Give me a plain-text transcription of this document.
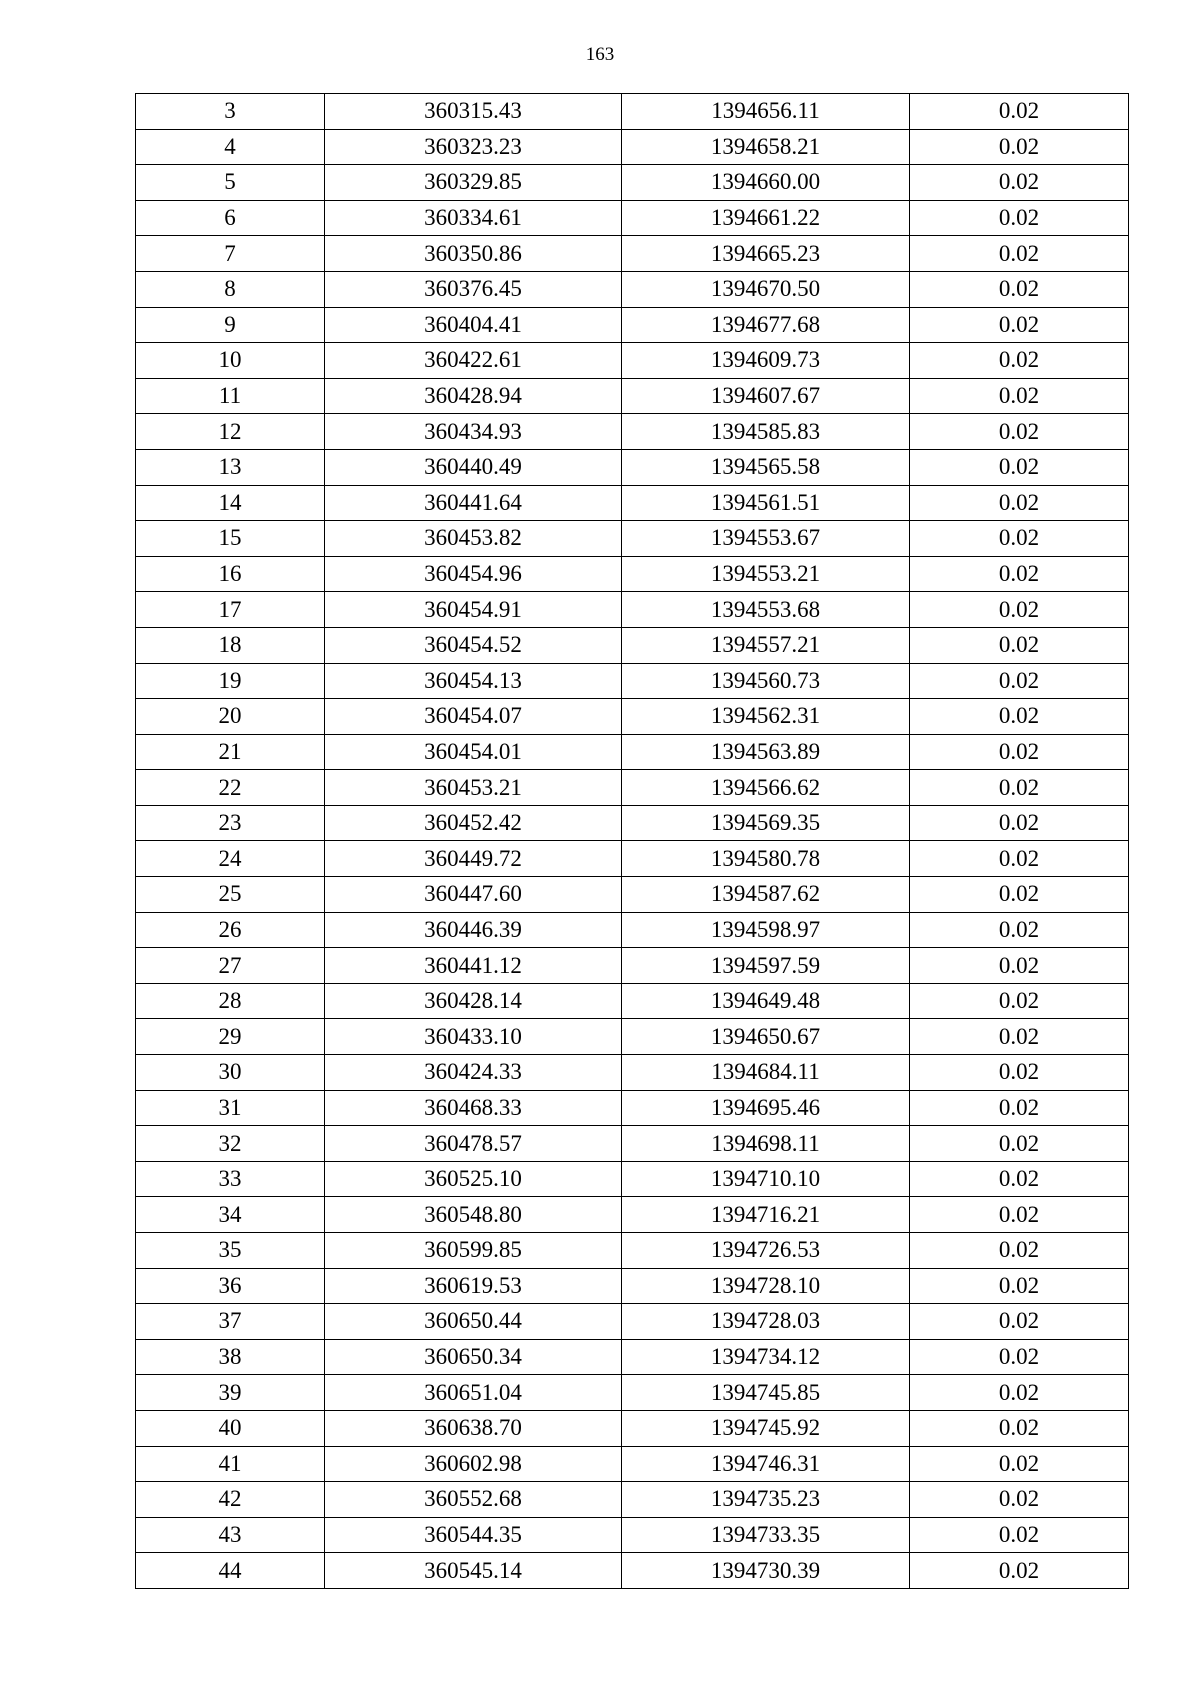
163
3	360315.43	1394656.11	0.02
4	360323.23	1394658.21	0.02
5	360329.85	1394660.00	0.02
6	360334.61	1394661.22	0.02
7	360350.86	1394665.23	0.02
8	360376.45	1394670.50	0.02
9	360404.41	1394677.68	0.02
10	360422.61	1394609.73	0.02
11	360428.94	1394607.67	0.02
12	360434.93	1394585.83	0.02
13	360440.49	1394565.58	0.02
14	360441.64	1394561.51	0.02
15	360453.82	1394553.67	0.02
16	360454.96	1394553.21	0.02
17	360454.91	1394553.68	0.02
18	360454.52	1394557.21	0.02
19	360454.13	1394560.73	0.02
20	360454.07	1394562.31	0.02
21	360454.01	1394563.89	0.02
22	360453.21	1394566.62	0.02
23	360452.42	1394569.35	0.02
24	360449.72	1394580.78	0.02
25	360447.60	1394587.62	0.02
26	360446.39	1394598.97	0.02
27	360441.12	1394597.59	0.02
28	360428.14	1394649.48	0.02
29	360433.10	1394650.67	0.02
30	360424.33	1394684.11	0.02
31	360468.33	1394695.46	0.02
32	360478.57	1394698.11	0.02
33	360525.10	1394710.10	0.02
34	360548.80	1394716.21	0.02
35	360599.85	1394726.53	0.02
36	360619.53	1394728.10	0.02
37	360650.44	1394728.03	0.02
38	360650.34	1394734.12	0.02
39	360651.04	1394745.85	0.02
40	360638.70	1394745.92	0.02
41	360602.98	1394746.31	0.02
42	360552.68	1394735.23	0.02
43	360544.35	1394733.35	0.02
44	360545.14	1394730.39	0.02
